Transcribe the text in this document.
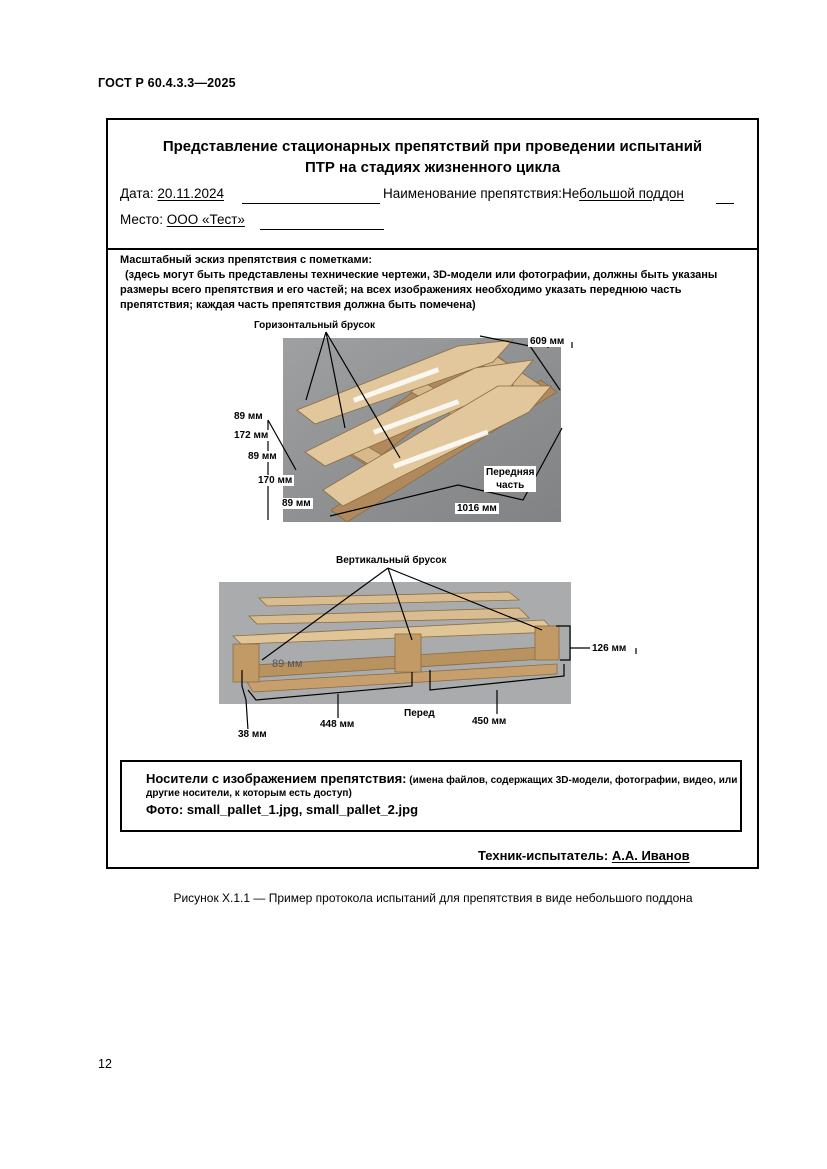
ГОСТ Р 60.4.3.3—2025
Представление стационарных препятствий при проведении испытаний
ПТР на стадиях жизненного цикла
Дата: 20.11.2024	Наименование препятствия:Небольшой поддон
Место: ООО «Тест»
Масштабный эскиз препятствия с пометками:
(здесь могут быть представлены технические чертежи, 3D-модели или фотографии, должны быть указаны размеры всего препятствия и его частей; на всех изображениях необходимо указать переднюю часть препятствия; каждая часть препятствия должна быть помечена)
Горизонтальный брусок
609 мм
1016 мм
Передняя
часть
89 мм
172 мм
89 мм
170 мм
89 мм
Вертикальный брусок
126 мм
89 мм
38 мм
448 мм
Перед
450 мм
Носители с изображением препятствия: (имена файлов, содержащих 3D-модели, фотографии, видео, или другие носители, к которым есть доступ)
Фото: small_pallet_1.jpg, small_pallet_2.jpg
Техник-испытатель: А.А. Иванов
Рисунок Х.1.1 — Пример протокола испытаний для препятствия в виде небольшого поддона
12
